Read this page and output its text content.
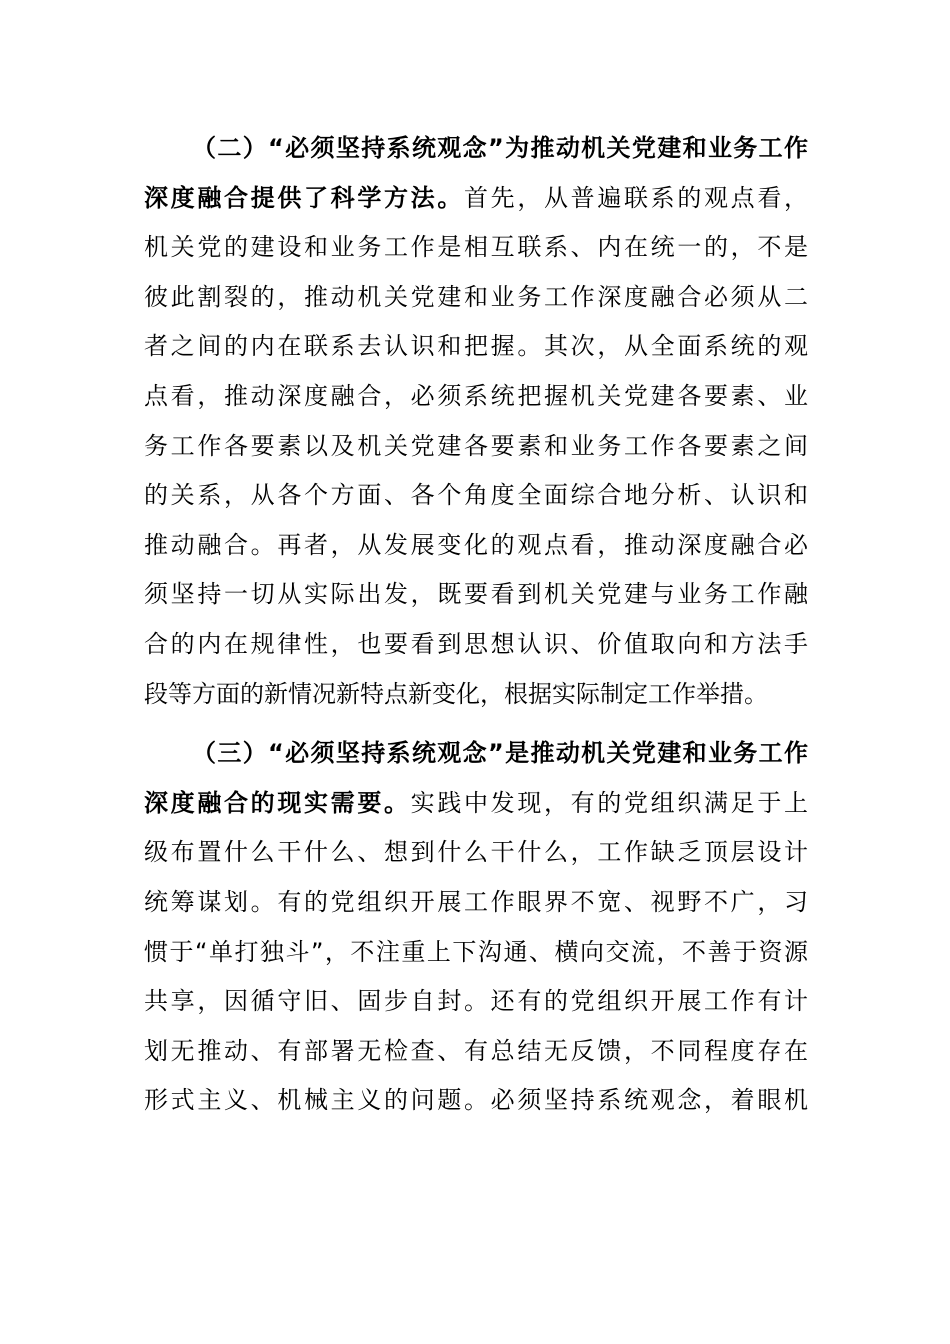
（二）“必须坚持系统观念”为推动机关党建和业务工作
深度融合提供了科学方法。首先，从普遍联系的观点看，
机关党的建设和业务工作是相互联系、内在统一的，不是
彼此割裂的，推动机关党建和业务工作深度融合必须从二
者之间的内在联系去认识和把握。其次，从全面系统的观
点看，推动深度融合，必须系统把握机关党建各要素、业
务工作各要素以及机关党建各要素和业务工作各要素之间
的关系，从各个方面、各个角度全面综合地分析、认识和
推动融合。再者，从发展变化的观点看，推动深度融合必
须坚持一切从实际出发，既要看到机关党建与业务工作融
合的内在规律性，也要看到思想认识、价值取向和方法手
段等方面的新情况新特点新变化，根据实际制定工作举措。
（三）“必须坚持系统观念”是推动机关党建和业务工作
深度融合的现实需要。实践中发现，有的党组织满足于上
级布置什么干什么、想到什么干什么，工作缺乏顶层设计
统筹谋划。有的党组织开展工作眼界不宽、视野不广，习
惯于“单打独斗”，不注重上下沟通、横向交流，不善于资源
共享，因循守旧、固步自封。还有的党组织开展工作有计
划无推动、有部署无检查、有总结无反馈，不同程度存在
形式主义、机械主义的问题。必须坚持系统观念，着眼机
